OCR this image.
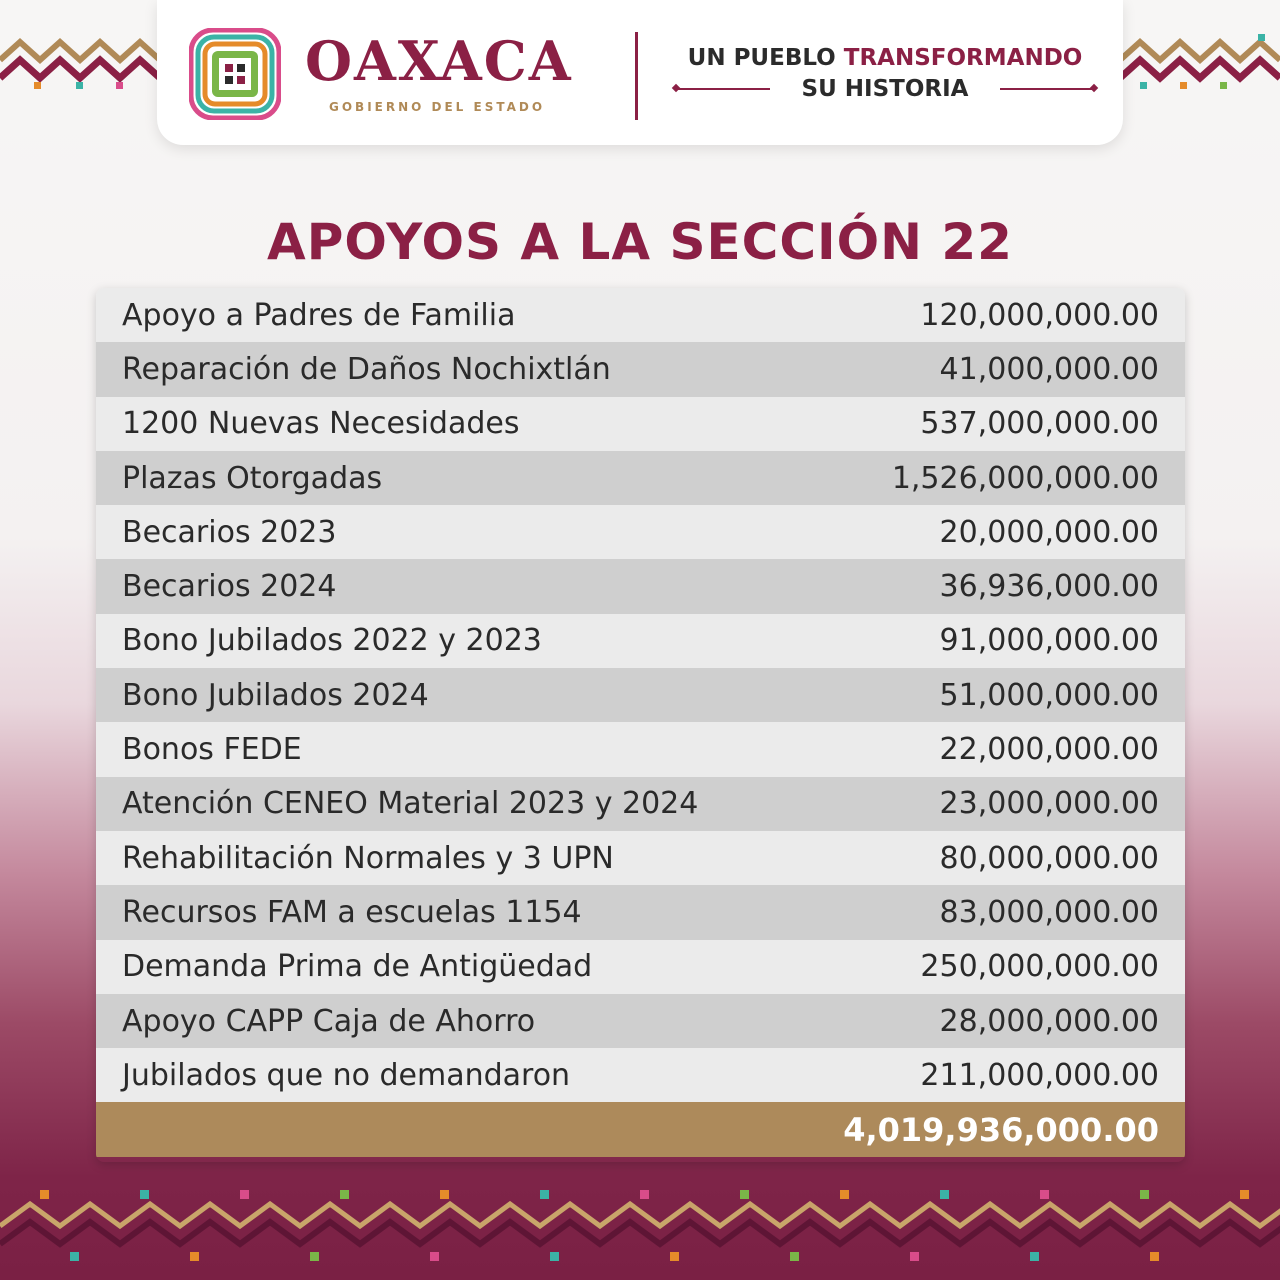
OAXACA
GOBIERNO DEL ESTADO
UN PUEBLO TRANSFORMANDO
SU HISTORIA
APOYOS A LA SECCIÓN 22
Apoyo a Padres de Familia	120,000,000.00
Reparación de Daños Nochixtlán	41,000,000.00
1200 Nuevas Necesidades	537,000,000.00
Plazas Otorgadas	1,526,000,000.00
Becarios 2023	20,000,000.00
Becarios 2024	36,936,000.00
Bono Jubilados 2022 y 2023	91,000,000.00
Bono Jubilados 2024	51,000,000.00
Bonos FEDE	22,000,000.00
Atención CENEO Material 2023 y 2024	23,000,000.00
Rehabilitación Normales y 3 UPN	80,000,000.00
Recursos FAM a escuelas 1154	83,000,000.00
Demanda Prima de Antigüedad	250,000,000.00
Apoyo CAPP Caja de Ahorro	28,000,000.00
Jubilados que no demandaron	211,000,000.00
4,019,936,000.00
